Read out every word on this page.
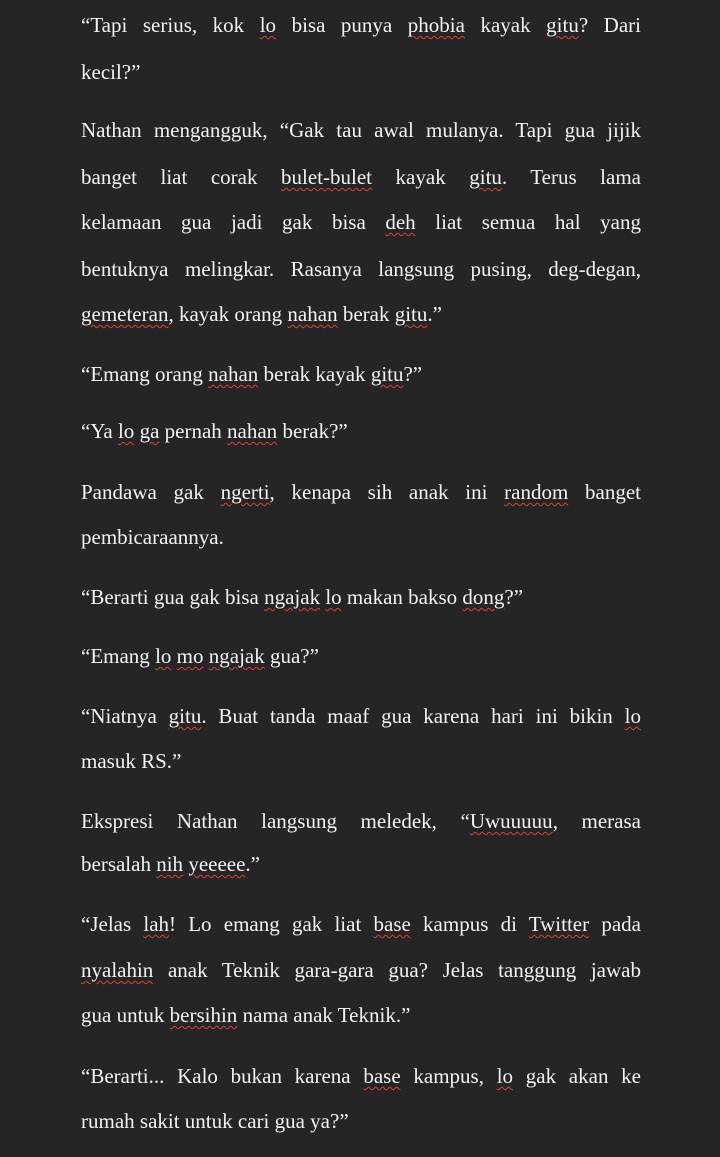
“Tapi serius, kok lo bisa punya phobia kayak gitu? Dari
kecil?”
Nathan mengangguk, “Gak tau awal mulanya. Tapi gua jijik
banget liat corak bulet-bulet kayak gitu. Terus lama
kelamaan gua jadi gak bisa deh liat semua hal yang
bentuknya melingkar. Rasanya langsung pusing, deg-degan,
gemeteran, kayak orang nahan berak gitu.”
“Emang orang nahan berak kayak gitu?”
“Ya lo ga pernah nahan berak?”
Pandawa gak ngerti, kenapa sih anak ini random banget
pembicaraannya.
“Berarti gua gak bisa ngajak lo makan bakso dong?”
“Emang lo mo ngajak gua?”
“Niatnya gitu. Buat tanda maaf gua karena hari ini bikin lo
masuk RS.”
Ekspresi Nathan langsung meledek, “Uwuuuuu, merasa
bersalah nih yeeeee.”
“Jelas lah! Lo emang gak liat base kampus di Twitter pada
nyalahin anak Teknik gara-gara gua? Jelas tanggung jawab
gua untuk bersihin nama anak Teknik.”
“Berarti... Kalo bukan karena base kampus, lo gak akan ke
rumah sakit untuk cari gua ya?”
